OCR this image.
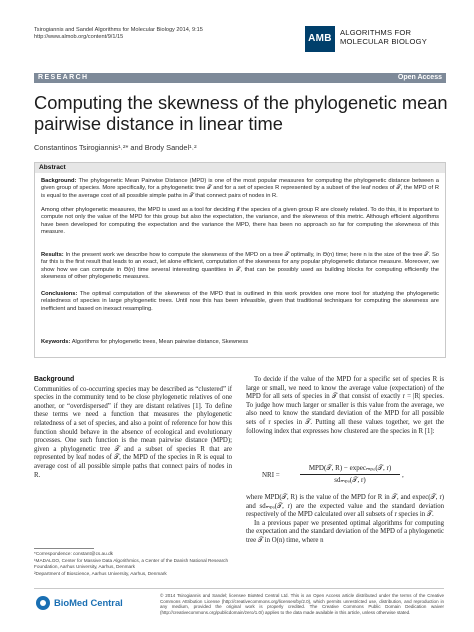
Tsirogiannis and Sandel Algorithms for Molecular Biology 2014, 9:15
http://www.almob.org/content/9/1/15	AMB
ALGORITHMS FOR
MOLECULAR BIOLOGY
RESEARCH	Open Access
Computing the skewness of the phylogenetic mean pairwise distance in linear time
Constantinos Tsirogiannis¹˒²* and Brody Sandel¹˒²
Abstract
Background: The phylogenetic Mean Pairwise Distance (MPD) is one of the most popular measures for computing the phylogenetic distance between a given group of species. More specifically, for a phylogenetic tree 𝒯 and for a set of species R represented by a subset of the leaf nodes of 𝒯, the MPD of R is equal to the average cost of all possible simple paths in 𝒯 that connect pairs of nodes in R.
Among other phylogenetic measures, the MPD is used as a tool for deciding if the species of a given group R are closely related. To do this, it is important to compute not only the value of the MPD for this group but also the expectation, the variance, and the skewness of this metric. Although efficient algorithms have been developed for computing the expectation and the variance the MPD, there has been no approach so far for computing the skewness of this measure.
Results: In the present work we describe how to compute the skewness of the MPD on a tree 𝒯 optimally, in Θ(n) time; here n is the size of the tree 𝒯. So far this is the first result that leads to an exact, let alone efficient, computation of the skewness for any popular phylogenetic distance measure. Moreover, we show how we can compute in Θ(n) time several interesting quantities in 𝒯, that can be possibly used as building blocks for computing efficiently the skewness of other phylogenetic measures.
Conclusions: The optimal computation of the skewness of the MPD that is outlined in this work provides one more tool for studying the phylogenetic relatedness of species in large phylogenetic trees. Until now this has been infeasible, given that traditional techniques for computing the skewness are inefficient and based on inexact resampling.
Keywords: Algorithms for phylogenetic trees, Mean pairwise distance, Skewness
Background
Communities of co-occurring species may be described as “clustered” if species in the community tend to be close phylogenetic relatives of one another, or “overdispersed” if they are distant relatives [1]. To define these terms we need a function that measures the phylogenetic relatedness of a set of species, and also a point of reference for how this function should behave in the absence of ecological and evolutionary processes. One such function is the mean pairwise distance (MPD); given a phylogenetic tree 𝒯 and a subset of species R that are represented by leaf nodes of 𝒯, the MPD of the species in R is equal to average cost of all possible simple paths that connect pairs of nodes in R.
To decide if the value of the MPD for a specific set of species R is large or small, we need to know the average value (expectation) of the MPD for all sets of species in 𝒯 that consist of exactly r = |R| species. To judge how much larger or smaller is this value from the average, we also need to know the standard deviation of the MPD for all possible sets of r species in 𝒯. Putting all these values together, we get the following index that expresses how clustered are the species in R [1]:
NRI =
MPD(𝒯, R) − expecₘₚₒ(𝒯, r)
sdₘₚₒ(𝒯, r)
,
where MPD(𝒯, R) is the value of the MPD for R in 𝒯, and expec(𝒯, r) and sdₘₚₒ(𝒯, r) are the expected value and the standard deviation respectively of the MPD calculated over all subsets of r species in 𝒯.
In a previous paper we presented optimal algorithms for computing the expectation and the standard deviation of the MPD of a phylogenetic tree 𝒯 in O(n) time, where n
*Correspondence: constant@cs.au.dk
¹MADALGO, Center for Massive Data Algorithmics, a Center of the Danish National Research Foundation, Aarhus University, Aarhus, Denmark
²Department of Bioscience, Aarhus University, Aarhus, Denmark
BioMed Central
© 2014 Tsirogiannis and Sandel; licensee BioMed Central Ltd. This is an Open Access article distributed under the terms of the Creative Commons Attribution License (http://creativecommons.org/licenses/by/2.0), which permits unrestricted use, distribution, and reproduction in any medium, provided the original work is properly credited. The Creative Commons Public Domain Dedication waiver (http://creativecommons.org/publicdomain/zero/1.0/) applies to the data made available in this article, unless otherwise stated.
